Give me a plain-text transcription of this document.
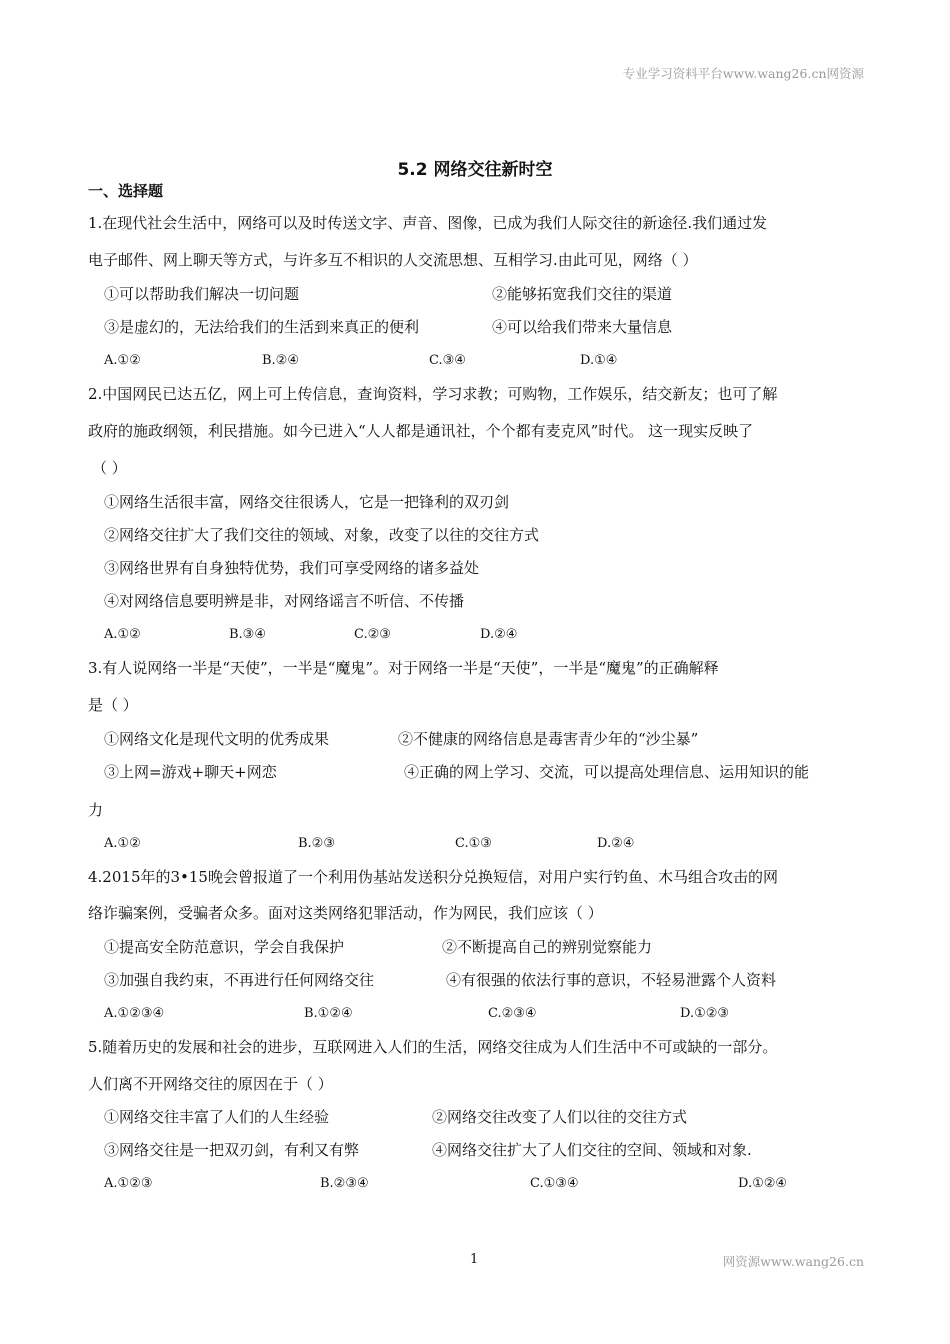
专业学习资料平台www.wang26.cn网资源
5.2 网络交往新时空
一、选择题
1.在现代社会生活中，网络可以及时传送文字、声音、图像，已成为我们人际交往的新途径.我们通过发
电子邮件、网上聊天等方式，与许多互不相识的人交流思想、互相学习.由此可见，网络（ ）
①可以帮助我们解决一切问题	②能够拓宽我们交往的渠道
③是虚幻的，无法给我们的生活到来真正的便利	④可以给我们带来大量信息
A.①②	B.②④	C.③④	D.①④
2.中国网民已达五亿，网上可上传信息，查询资料，学习求教；可购物，工作娱乐，结交新友；也可了解
政府的施政纲领，利民措施。如今已进入“人人都是通讯社，个个都有麦克风”时代。 这一现实反映了
（ ）
①网络生活很丰富，网络交往很诱人，它是一把锋利的双刃剑
②网络交往扩大了我们交往的领域、对象，改变了以往的交往方式
③网络世界有自身独特优势，我们可享受网络的诸多益处
④对网络信息要明辨是非，对网络谣言不听信、不传播
A.①②	B.③④	C.②③	D.②④
3.有人说网络一半是“天使”，一半是“魔鬼”。对于网络一半是“天使”，一半是“魔鬼”的正确解释
是（ ）
①网络文化是现代文明的优秀成果	②不健康的网络信息是毒害青少年的“沙尘暴”
③上网=游戏+聊天+网恋	④正确的网上学习、交流，可以提高处理信息、运用知识的能
力
A.①②	B.②③	C.①③	D.②④
4.2015年的3•15晚会曾报道了一个利用伪基站发送积分兑换短信，对用户实行钓鱼、木马组合攻击的网
络诈骗案例，受骗者众多。面对这类网络犯罪活动，作为网民，我们应该（ ）
①提高安全防范意识，学会自我保护	②不断提高自己的辨别觉察能力
③加强自我约束，不再进行任何网络交往	④有很强的依法行事的意识，不轻易泄露个人资料
A.①②③④	B.①②④	C.②③④	D.①②③
5.随着历史的发展和社会的进步，互联网进入人们的生活，网络交往成为人们生活中不可或缺的一部分。
人们离不开网络交往的原因在于（ ）
①网络交往丰富了人们的人生经验	②网络交往改变了人们以往的交往方式
③网络交往是一把双刃剑，有利又有弊	④网络交往扩大了人们交往的空间、领域和对象.
A.①②③	B.②③④	C.①③④	D.①②④
1	网资源www.wang26.cn
